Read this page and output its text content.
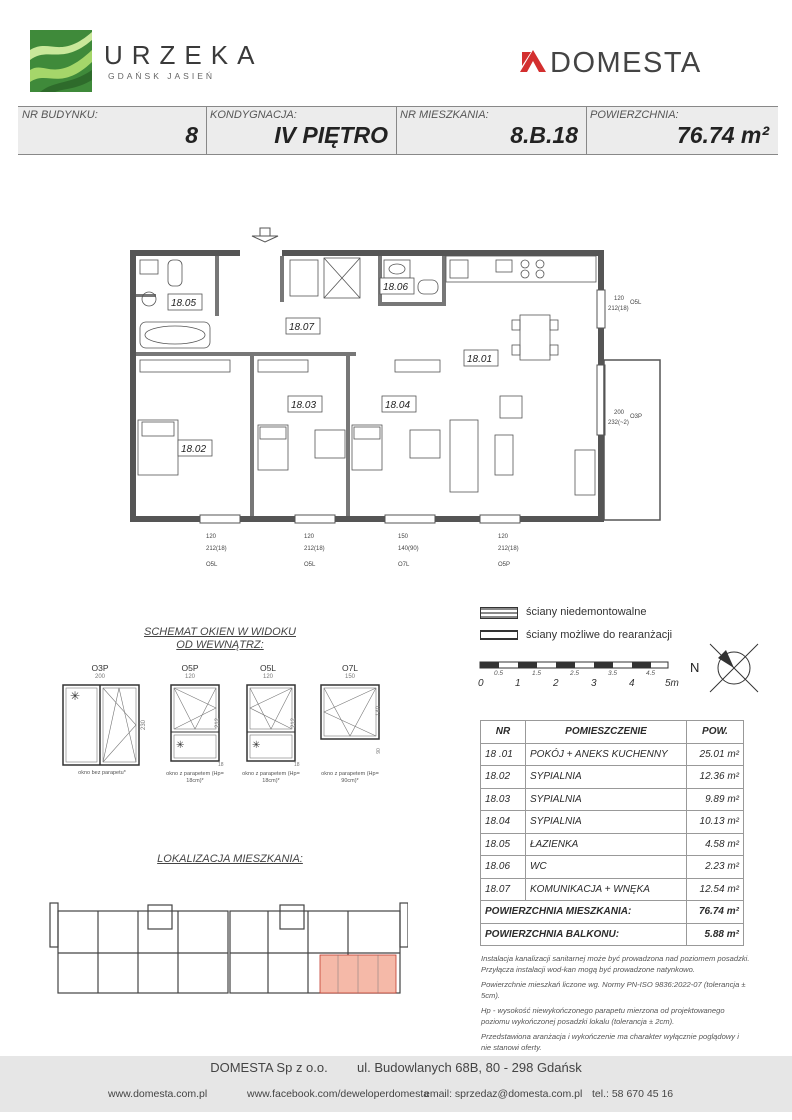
URZEKA
GDAŃSK JASIEŃ	DOMESTA
NR BUDYNKU:
8
KONDYGNACJA:
IV PIĘTRO
NR MIESZKANIA:
8.B.18
POWIERZCHNIA:
76.74 m²
18.05
18.07
18.06
18.01
18.03	18.04
18.02
120
212(18)
O5L
200
232(~2)
O3P
120
212(18)
O5L
120
212(18)
O5L
150
140(90)
O7L
120
212(18)
O5P
ściany niedemontowalne
ściany możliwe do rearanżacji
0	1	2	3	4	5m
0.5	1.5	2.5	3.5	4.5	N
SCHEMAT OKIEN W WIDOKU
OD WEWNĄTRZ:
O3P
200
✳
230
okno bez parapetu*
O5P
120
✳
212
18
okno z parapetem (Hp= 18cm)*
O5L
120
✳
212
18
okno z parapetem (Hp= 18cm)*
O7L
150
140
90
okno z parapetem (Hp= 90cm)*
LOKALIZACJA MIESZKANIA:
NR	POMIESZCZENIE	POW.
18 .01	POKÓJ + ANEKS KUCHENNY	25.01 m²
18.02	SYPIALNIA	12.36 m²
18.03	SYPIALNIA	9.89 m²
18.04	SYPIALNIA	10.13 m²
18.05	ŁAZIENKA	4.58 m²
18.06	WC	2.23 m²
18.07	KOMUNIKACJA + WNĘKA	12.54 m²
POWIERZCHNIA MIESZKANIA:		76.74 m²
POWIERZCHNIA BALKONU:		5.88 m²
Instalacja kanalizacji sanitarnej może być prowadzona nad poziomem posadzki. Przyłącza instalacji wod-kan mogą być prowadzone natynkowo.
Powierzchnie mieszkań liczone wg. Normy PN-ISO 9836:2022-07 (tolerancja ± 5cm).
Hp - wysokość niewykończonego parapetu mierzona od projektowanego poziomu wykończonej posadzki lokalu (tolerancja ± 2cm).
Przedstawiona aranżacja i wykończenie ma charakter wyłącznie poglądowy i nie stanowi oferty.
DOMESTA Sp z o.o. ul. Budowlanych 68B, 80 - 298 Gdańsk
www.domesta.com.pl	www.facebook.com/deweloperdomesta
email: sprzedaz@domesta.com.pl tel.: 58 670 45 16
